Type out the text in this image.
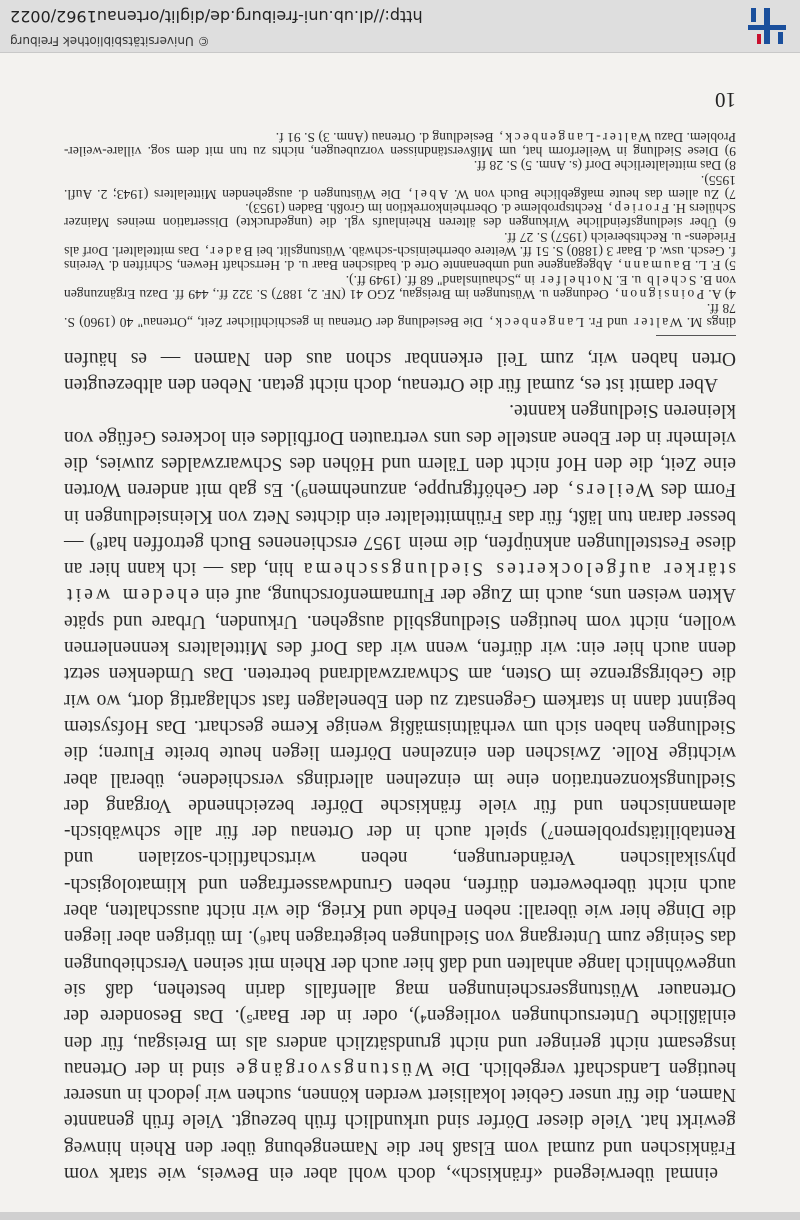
einmal überwiegend «fränkisch», doch wohl aber ein Beweis, wie stark vom Fränkischen und zumal vom Elsaß her die Namengebung über den Rhein hinweg gewirkt hat. Viele dieser Dörfer sind urkundlich früh bezeugt. Viele früh genannte Namen, die für unser Gebiet lokalisiert werden können, suchen wir jedoch in unserer heutigen Landschaft vergeblich. Die Wüstungsvorgänge sind in der Ortenau insgesamt nicht geringer und nicht grundsätzlich anders als im Breisgau, für den einläßliche Untersuchungen vorliegen⁴), oder in der Baar⁵). Das Besondere der Ortenauer Wüstungserscheinungen mag allenfalls darin bestehen, daß sie ungewöhnlich lange anhalten und daß hier auch der Rhein mit seinen Verschiebungen das Seinige zum Untergang von Siedlungen beigetragen hat⁶). Im übrigen aber liegen die Dinge hier wie überall: neben Fehde und Krieg, die wir nicht ausschalten, aber auch nicht überbewerten dürfen, neben Grundwasserfragen und klimatologisch-physikalischen Veränderungen, neben wirtschaftlich-sozialen und Rentabilitätsproblemen⁷) spielt auch in der Ortenau der für alle schwäbisch-alemannischen und für viele fränkische Dörfer bezeichnende Vorgang der Siedlungskonzentration eine im einzelnen allerdings verschiedene, überall aber wichtige Rolle. Zwischen den einzelnen Dörfern liegen heute breite Fluren; die Siedlungen haben sich um verhältnismäßig wenige Kerne geschart. Das Hofsystem beginnt dann in starkem Gegensatz zu den Ebenelagen fast schlagartig dort, wo wir die Gebirgsgrenze im Osten, am Schwarzwaldrand betreten. Das Umdenken setzt denn auch hier ein: wir dürfen, wenn wir das Dorf des Mittelalters kennenlernen wollen, nicht vom heutigen Siedlungsbild ausgehen. Urkunden, Urbare und späte Akten weisen uns, auch im Zuge der Flurnamenforschung, auf ein ehedem weit stärker aufgelockertes Siedlungsschema hin, das — ich kann hier an diese Feststellungen anknüpfen, die mein 1957 erschienenes Buch getroffen hat⁸) — besser daran tun läßt, für das Frühmittelalter ein dichtes Netz von Kleinsiedlungen in Form des Weilers, der Gehöftgruppe, anzunehmen⁹). Es gab mit anderen Worten eine Zeit, die den Hof nicht den Tälern und Höhen des Schwarzwaldes zuwies, die vielmehr in der Ebene anstelle des uns vertrauten Dorfbildes ein lockeres Gefüge von kleineren Siedlungen kannte.

Aber damit ist es, zumal für die Ortenau, doch nicht getan. Neben den altbezeugten Orten haben wir, zum Teil erkennbar schon aus den Namen — es häufen

dings M. Walter und Fr. Langenbeck, Die Besiedlung der Ortenau in geschichtlicher Zeit, „Ortenau" 40 (1960) S. 78 ff.

4) A. Poinsignon, Oedungen u. Wüstungen im Breisgau, ZGO 41 (NF. 2, 1887) S. 322 ff., 449 ff. Dazu Ergänzungen von B. Schelb u. E. Nothelfer in „Schauinsland" 68 ff. (1949 ff.).

5) F. L. Baumann, Abgegangene und umbenannte Orte d. badischen Baar u. d. Herrschaft Hewen, Schriften d. Vereins f. Gesch. usw. d. Baar 3 (1880) S. 51 ff. Weitere oberrheinisch-schwäb. Wüstungslit. bei Bader, Das mittelalterl. Dorf als Friedens- u. Rechtsbereich (1957) S. 27 ff.

6) Über siedlungsfeindliche Wirkungen des älteren Rheinlaufs vgl. die (ungedruckte) Dissertation meines Mainzer Schülers H. Froriep, Rechtsprobleme d. Oberrheinkorrektion im Großh. Baden (1953).

7) Zu allem das heute maßgebliche Buch von W. Abel, Die Wüstungen d. ausgehenden Mittelalters (1943; 2. Aufl. 1955).

8) Das mittelalterliche Dorf (s. Anm. 5) S. 28 ff.

9) Diese Siedlung in Weilerform hat, um Mißverständnissen vorzubeugen, nichts zu tun mit dem sog. villare-weiler-Problem. Dazu Walter-Langenbeck, Besiedlung d. Ortenau (Anm. 3) S. 91 f.

10
© Universitätsbibliothek Freiburg
http://dl.ub.uni-freiburg.de/diglit/ortenau1962/0022
